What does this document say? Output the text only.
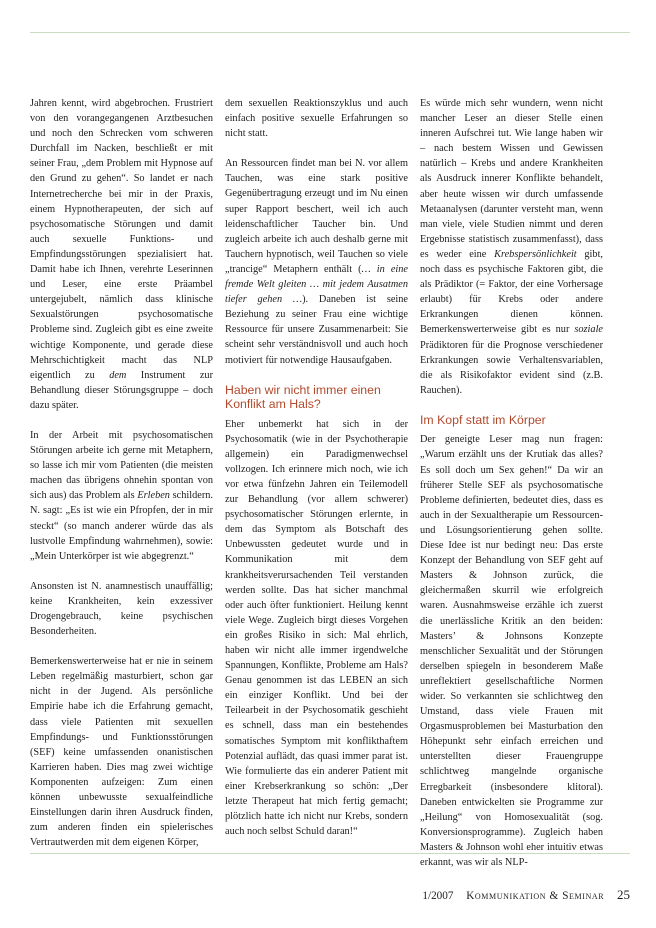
Jahren kennt, wird abgebrochen. Frustriert von den vorangegangenen Arztbesuchen und noch den Schrecken vom schweren Durchfall im Nacken, beschließt er mit seiner Frau, „dem Problem mit Hypnose auf den Grund zu gehen“. So landet er nach Internetrecherche bei mir in der Praxis, einem Hypnotherapeuten, der sich auf psychosomatische Störungen und damit auch sexuelle Funktions- und Empfindungsstörungen spezialisiert hat. Damit habe ich Ihnen, verehrte Leserinnen und Leser, eine erste Präambel untergejubelt, nämlich dass klinische Sexualstörungen psychosomatische Probleme sind. Zugleich gibt es eine zweite wichtige Komponente, und gerade diese Mehrschichtigkeit macht das NLP eigentlich zu dem Instrument zur Behandlung dieser Störungsgruppe – doch dazu später.

In der Arbeit mit psychosomatischen Störungen arbeite ich gerne mit Metaphern, so lasse ich mir vom Patienten (die meisten machen das übrigens ohnehin spontan von sich aus) das Problem als Erleben schildern. N. sagt: „Es ist wie ein Pfropfen, der in mir steckt“ (so manch anderer würde das als lustvolle Empfindung wahrnehmen), sowie: „Mein Unterkörper ist wie abgegrenzt.“

Ansonsten ist N. anamnestisch unauffällig; keine Krankheiten, kein exzessiver Drogengebrauch, keine psychischen Besonderheiten.

Bemerkenswerterweise hat er nie in seinem Leben regelmäßig masturbiert, schon gar nicht in der Jugend. Als persönliche Empirie habe ich die Erfahrung gemacht, dass viele Patienten mit sexuellen Empfindungs- und Funktionsstörungen (SEF) keine umfassenden onanistischen Karrieren haben. Dies mag zwei wichtige Komponenten aufzeigen: Zum einen können unbewusste sexualfeindliche Einstellungen darin ihren Ausdruck finden, zum anderen finden ein spielerisches Vertrautwerden mit dem eigenen Körper,

dem sexuellen Reaktionszyklus und auch einfach positive sexuelle Erfahrungen so nicht statt.

An Ressourcen findet man bei N. vor allem Tauchen, was eine stark positive Gegenübertragung erzeugt und im Nu einen super Rapport beschert, weil ich auch leidenschaftlicher Taucher bin. Und zugleich arbeite ich auch deshalb gerne mit Tauchern hypnotisch, weil Tauchen so viele „trancige“ Metaphern enthält (… in eine fremde Welt gleiten … mit jedem Ausatmen tiefer gehen …). Daneben ist seine Beziehung zu seiner Frau eine wichtige Ressource für unsere Zusammenarbeit: Sie scheint sehr verständnisvoll und auch hoch motiviert für notwendige Hausaufgaben.

Haben wir nicht immer einen Konflikt am Hals?

Eher unbemerkt hat sich in der Psychosomatik (wie in der Psychotherapie allgemein) ein Paradigmenwechsel vollzogen. Ich erinnere mich noch, wie ich vor etwa fünfzehn Jahren ein Teilemodell zur Behandlung (vor allem schwerer) psychosomatischer Störungen erlernte, in dem das Symptom als Botschaft des Unbewussten gedeutet wurde und in Kommunikation mit dem krankheitsverursachenden Teil verstanden werden sollte. Das hat sicher manchmal oder auch öfter funktioniert. Heilung kennt viele Wege. Zugleich birgt dieses Vorgehen ein großes Risiko in sich: Mal ehrlich, haben wir nicht alle immer irgendwelche Spannungen, Konflikte, Probleme am Hals? Genau genommen ist das LEBEN an sich ein einziger Konflikt. Und bei der Teilearbeit in der Psychosomatik geschieht es schnell, dass man ein bestehendes somatisches Symptom mit konflikthaftem Potenzial auflädt, das quasi immer parat ist. Wie formulierte das ein anderer Patient mit einer Krebserkrankung so schön: „Der letzte Therapeut hat mich fertig gemacht; plötzlich hatte ich nicht nur Krebs, sondern auch noch selbst Schuld daran!“

Es würde mich sehr wundern, wenn nicht mancher Leser an dieser Stelle einen inneren Aufschrei tut. Wie lange haben wir – nach bestem Wissen und Gewissen natürlich – Krebs und andere Krankheiten als Ausdruck innerer Konflikte behandelt, aber heute wissen wir durch umfassende Metaanalysen (darunter versteht man, wenn man viele, viele Studien nimmt und deren Ergebnisse statistisch zusammenfasst), dass es weder eine Krebspersönlichkeit gibt, noch dass es psychische Faktoren gibt, die als Prädiktor (= Faktor, der eine Vorhersage erlaubt) für Krebs oder andere Erkrankungen dienen können. Bemerkenswerterweise gibt es nur soziale Prädiktoren für die Prognose verschiedener Erkrankungen sowie Verhaltensvariablen, die als Risikofaktor evident sind (z.B. Rauchen).

Im Kopf statt im Körper

Der geneigte Leser mag nun fragen: „Warum erzählt uns der Krutiak das alles? Es soll doch um Sex gehen!“ Da wir an früherer Stelle SEF als psychosomatische Probleme definierten, bedeutet dies, dass es auch in der Sexualtherapie um Ressourcen- und Lösungsorientierung gehen sollte. Diese Idee ist nur bedingt neu: Das erste Konzept der Behandlung von SEF geht auf Masters & Johnson zurück, die gleichermaßen skurril wie erfolgreich waren. Ausnahmsweise erzähle ich zuerst die unerlässliche Kritik an den beiden: Masters’ & Johnsons Konzepte menschlicher Sexualität und der Störungen derselben spiegeln in besonderem Maße unreflektiert gesellschaftliche Normen wider. So verkannten sie schlichtweg den Umstand, dass viele Frauen mit Orgasmusproblemen bei Masturbation den Höhepunkt sehr einfach erreichen und unterstellten dieser Frauengruppe schlichtweg mangelnde organische Erregbarkeit (insbesondere klitoral). Daneben entwickelten sie Programme zur „Heilung“ von Homosexualität (sog. Konversionsprogramme). Zugleich haben Masters & Johnson wohl eher intuitiv etwas erkannt, was wir als NLP-

1/2007 Kommunikation & Seminar 25
